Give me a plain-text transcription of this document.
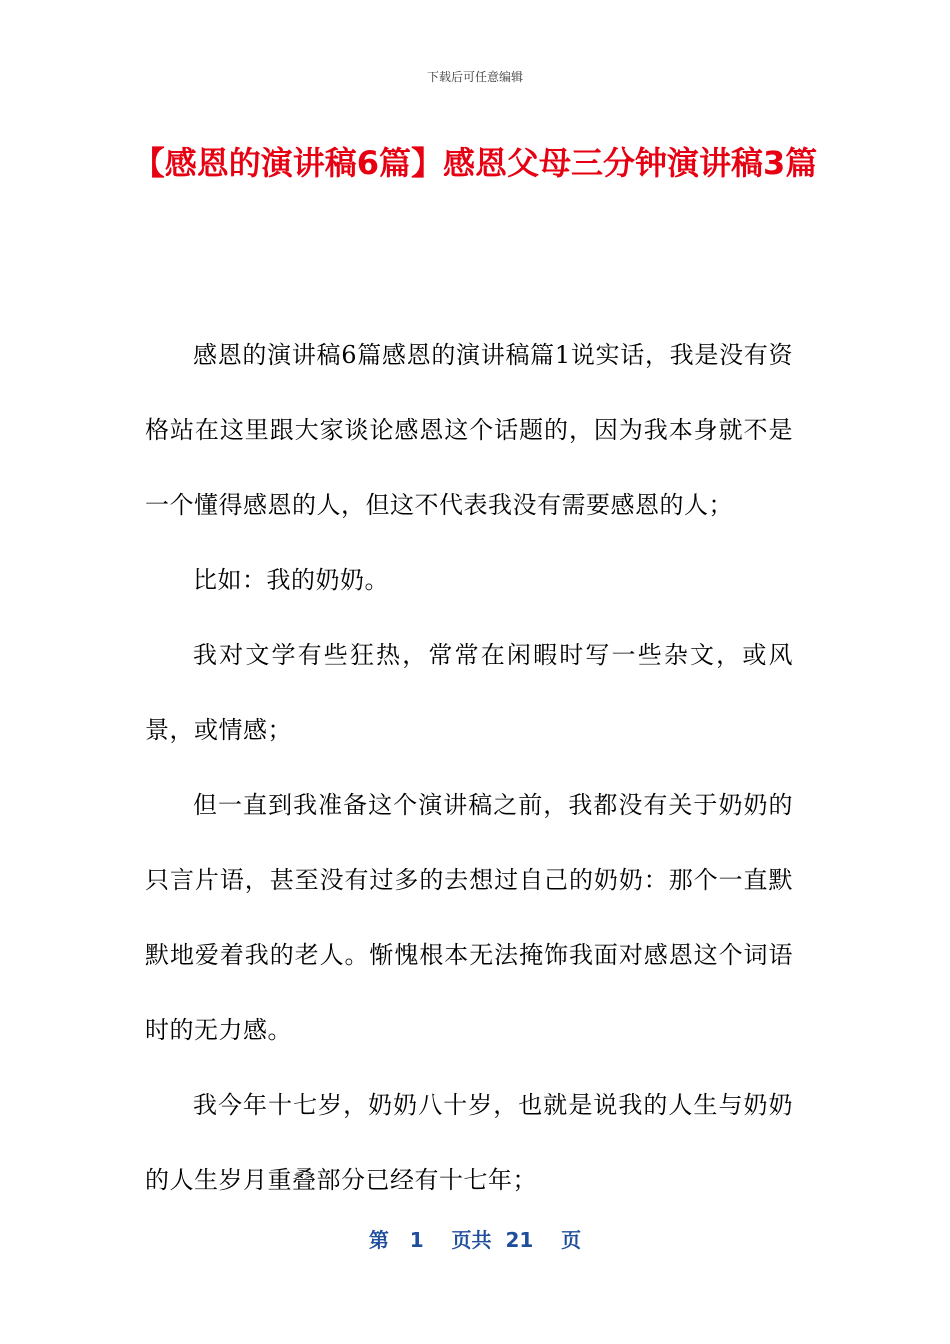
下载后可任意编辑
【感恩的演讲稿6篇】感恩父母三分钟演讲稿3篇

感恩的演讲稿6篇感恩的演讲稿篇1说实话，我是没有资格站在这里跟大家谈论感恩这个话题的，因为我本身就不是一个懂得感恩的人，但这不代表我没有需要感恩的人；

比如：我的奶奶。

我对文学有些狂热，常常在闲暇时写一些杂文，或风景，或情感；

但一直到我准备这个演讲稿之前，我都没有关于奶奶的只言片语，甚至没有过多的去想过自己的奶奶：那个一直默默地爱着我的老人。惭愧根本无法掩饰我面对感恩这个词语时的无力感。

我今年十七岁，奶奶八十岁，也就是说我的人生与奶奶的人生岁月重叠部分已经有十七年；

第 1 页共 21 页
